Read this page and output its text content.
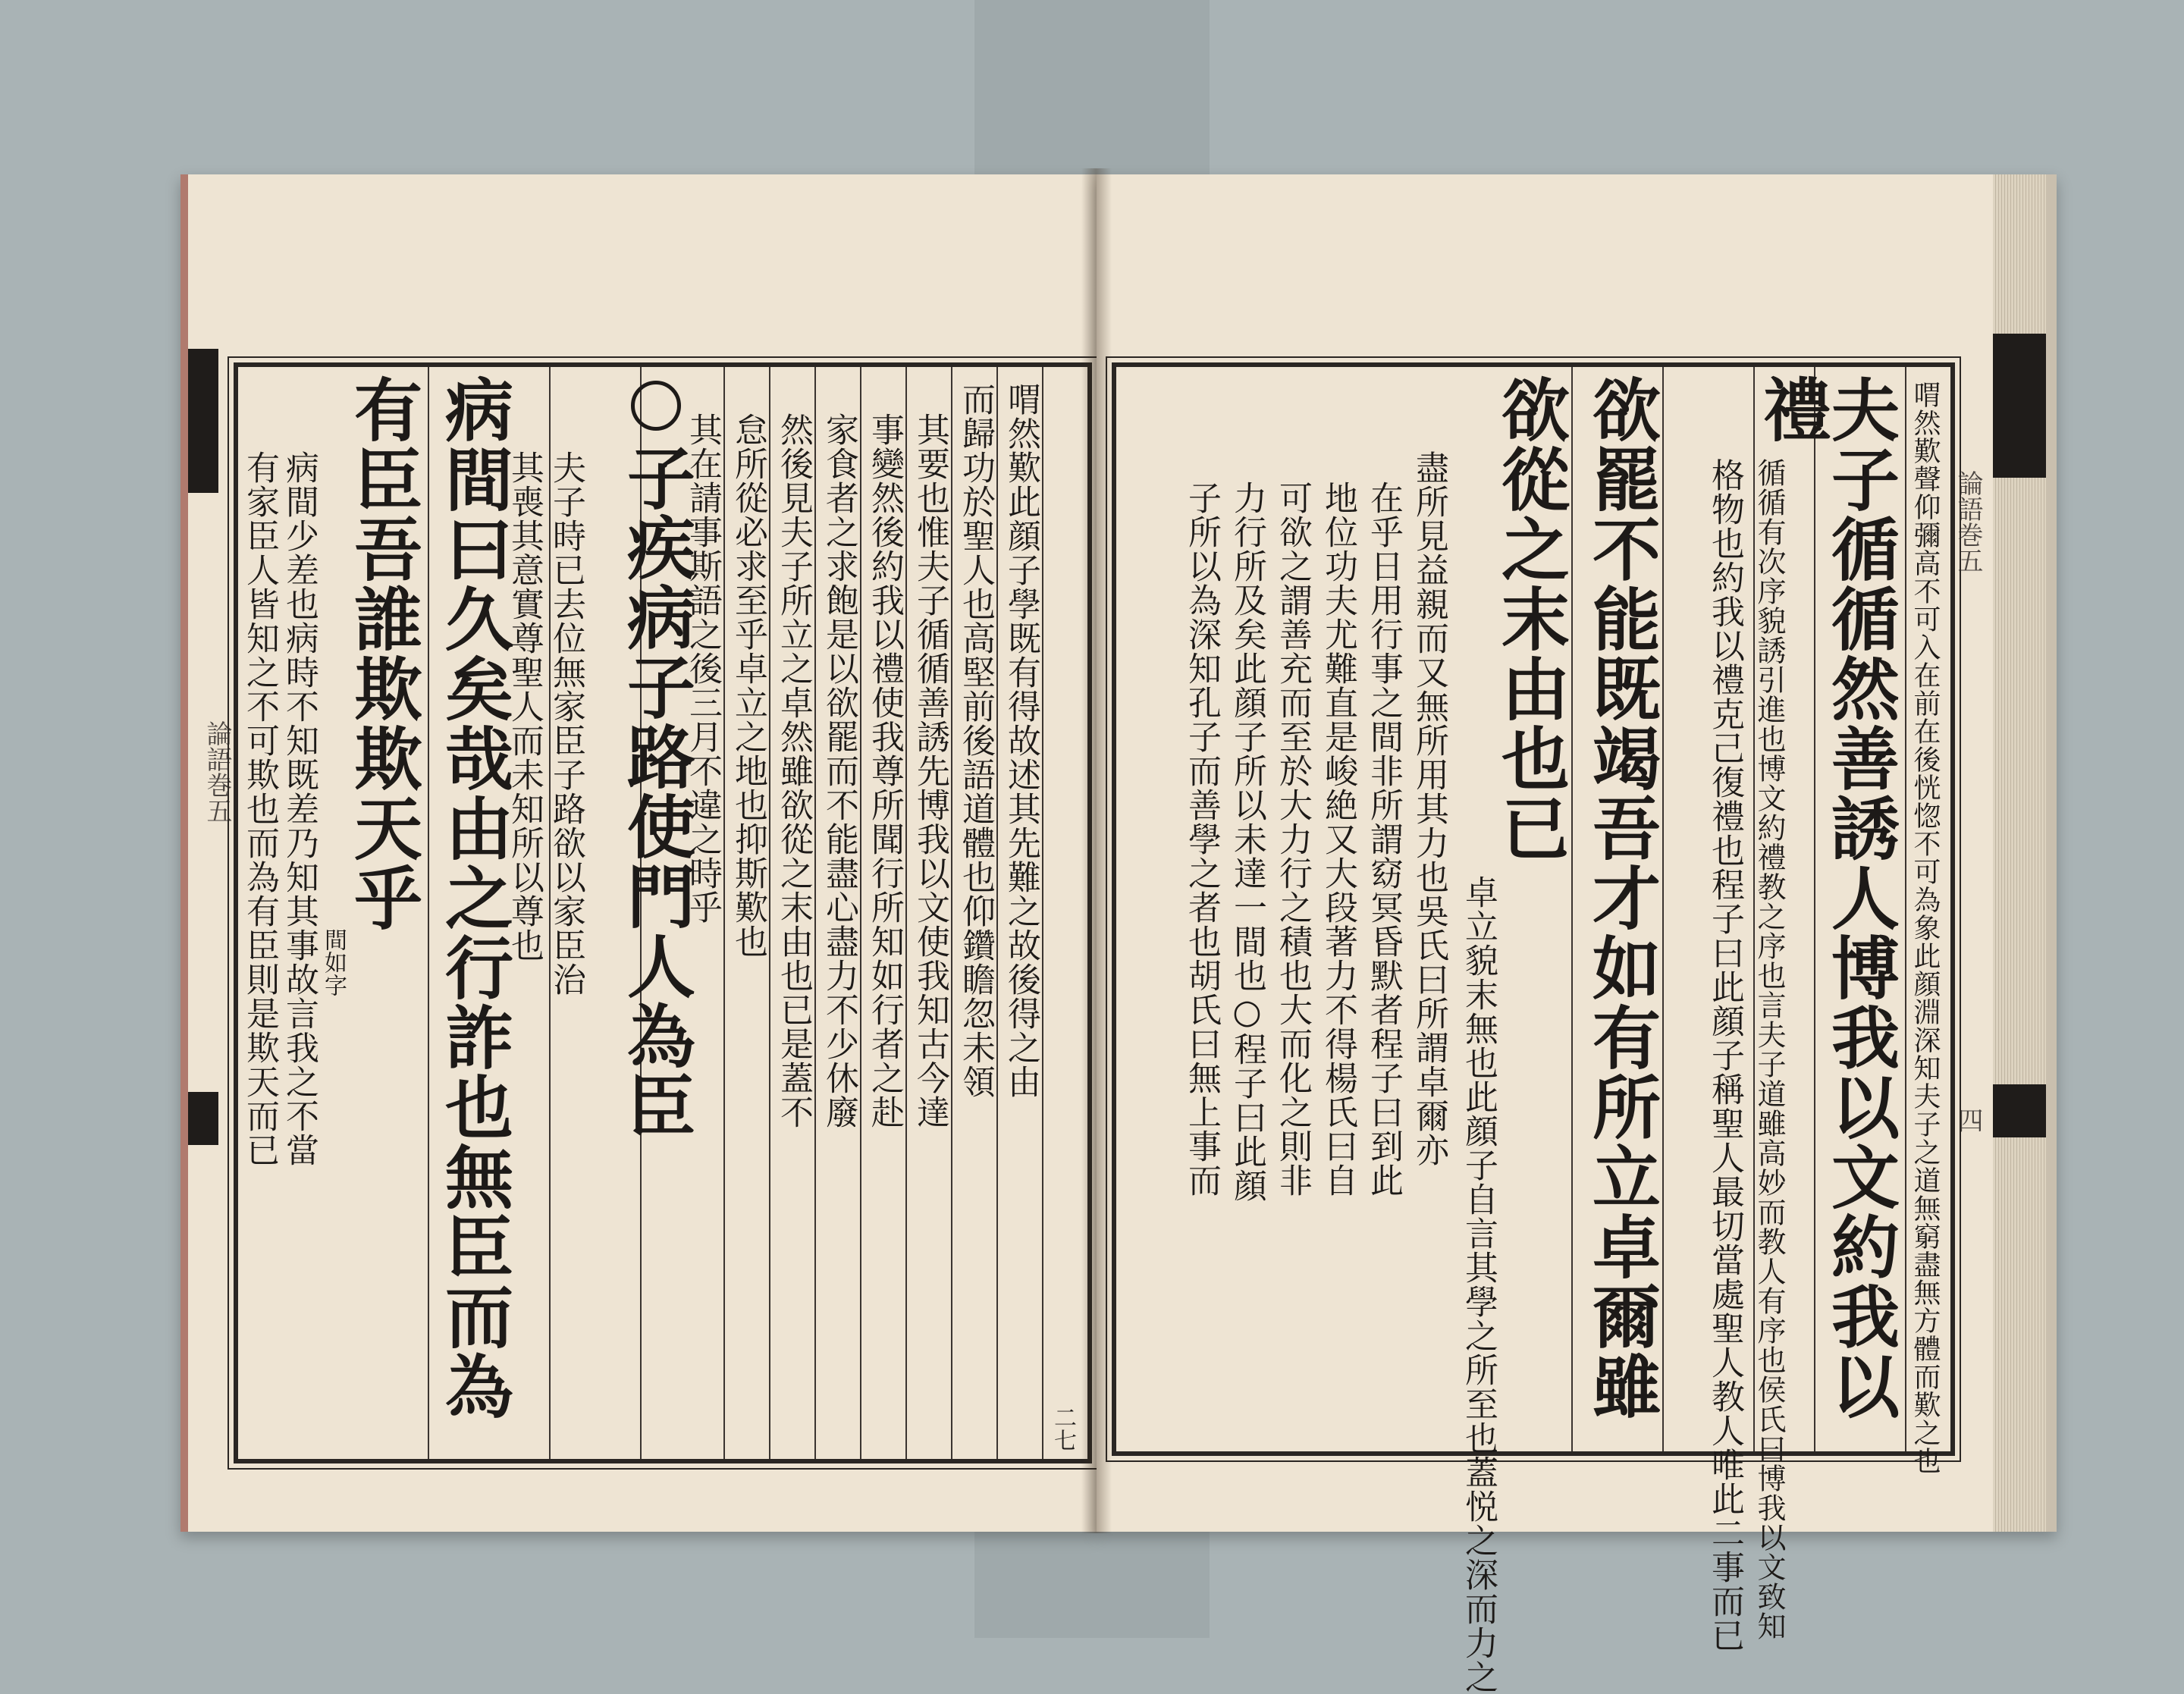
論語巻五	喟然歎此顔子學既有得故述其先難之故後得之由
而歸功於聖人也高堅前後語道體也仰鑽瞻忽未領
其要也惟夫子循循善誘先博我以文使我知古今達
事變然後約我以禮使我尊所聞行所知如行者之赴
家食者之求飽是以欲罷而不能盡心盡力不少休廢
然後見夫子所立之卓然雖欲從之末由也已是蓋不
怠所從必求至乎卓立之地也抑斯歎也
其在請事斯語之後三月不違之時乎
子疾病子路使門人為臣
夫子時已去位無家臣子路欲以家臣治
其喪其意實尊聖人而未知所以尊也
病間曰久矣哉由之行詐也無臣而為
有臣吾誰欺欺天乎
間如字
病間少差也病時不知既差乃知其事故言我之不當
有家臣人皆知之不可欺也而為有臣則是欺天而已
二七
論語巻五
四
喟然歎聲仰彌高不可入在前在後恍惚不可為象此顔淵深知夫子之道無窮盡無方體而歎之也
夫子循循然善誘人博我以文約我以
禮
循循有次序貌誘引進也博文約禮教之序也言夫子道雖高妙而教人有序也侯氏曰博我以文致知
格物也約我以禮克己復禮也程子曰此顔子稱聖人最切當處聖人教人唯此二事而已
欲罷不能既竭吾才如有所立卓爾雖
欲從之末由也已
卓立貌末無也此顔子自言其學之所至也蓋悦之深而力之
盡所見益親而又無所用其力也吳氏曰所謂卓爾亦
在乎日用行事之間非所謂窈冥昏默者程子曰到此
地位功夫尤難直是峻絶又大段著力不得楊氏曰自
可欲之謂善充而至於大力行之積也大而化之則非
力行所及矣此顔子所以未達一間也○程子曰此顔
子所以為深知孔子而善學之者也胡氏曰無上事而
